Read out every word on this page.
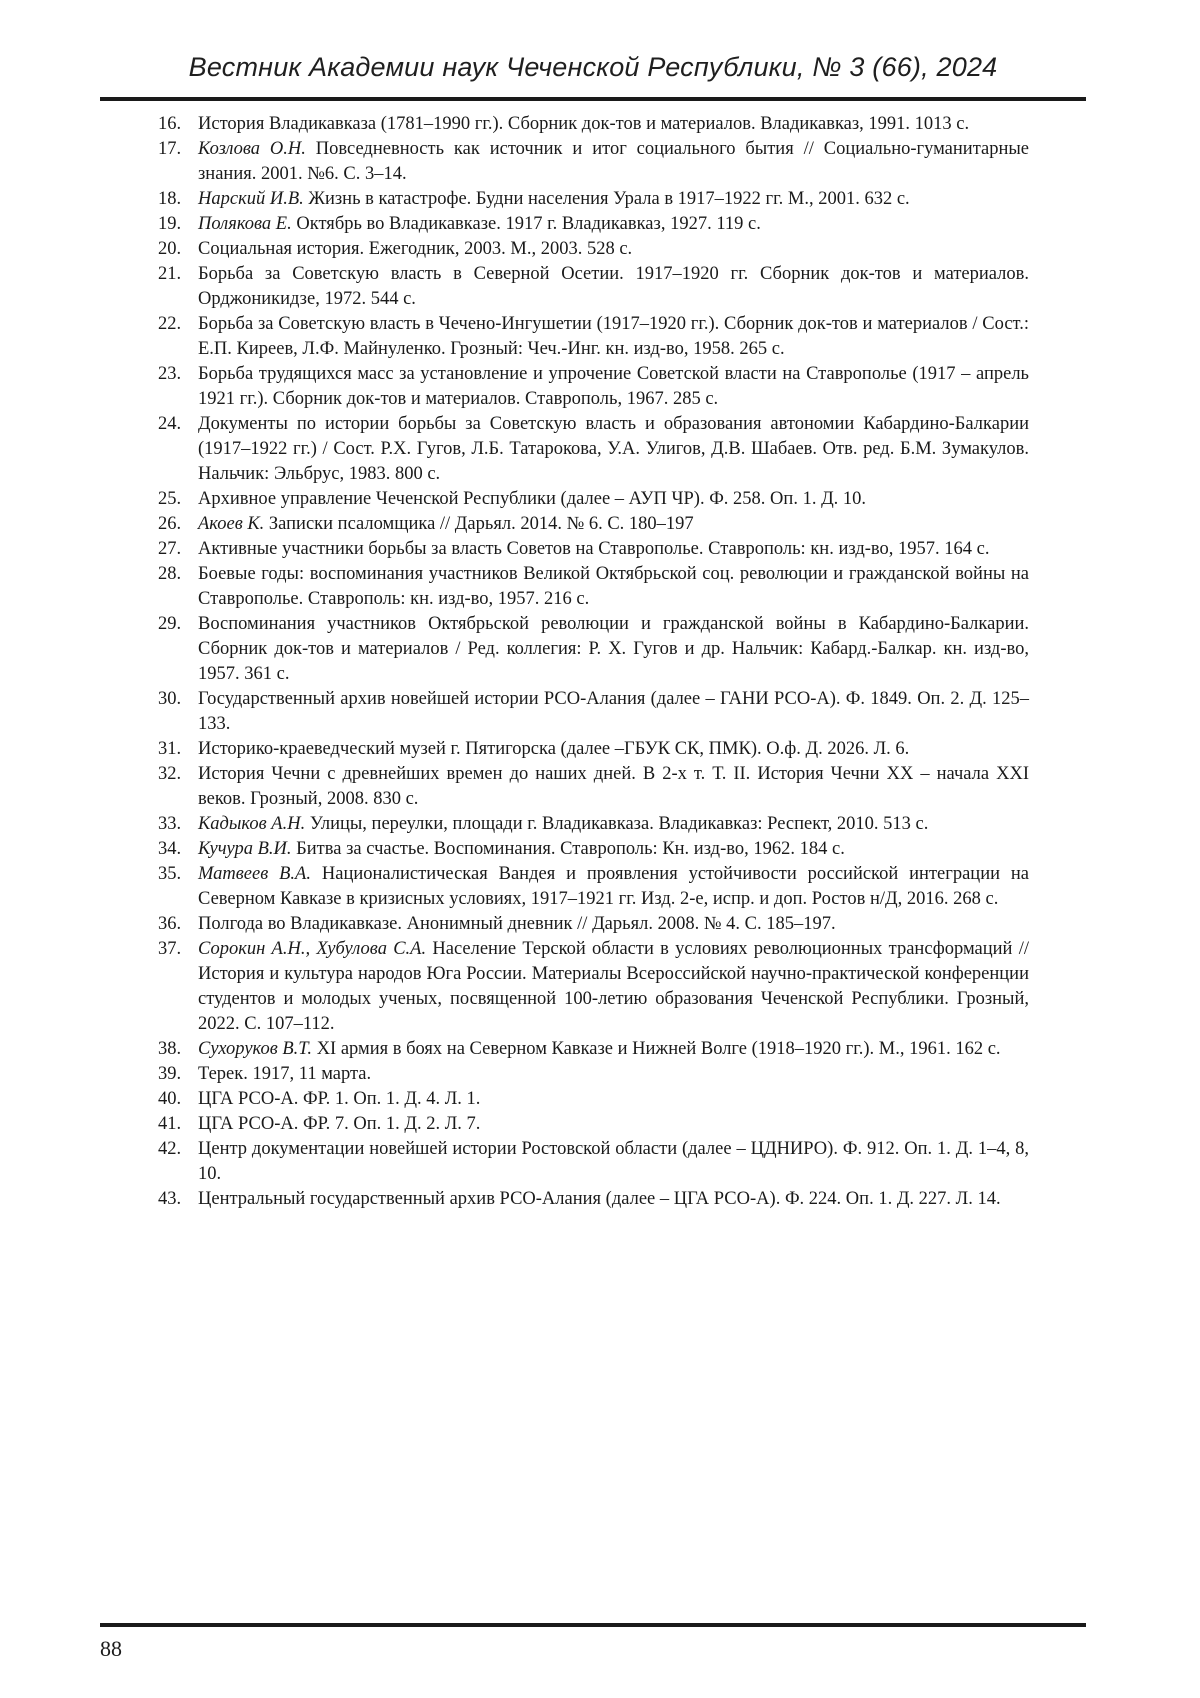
Вестник Академии наук Чеченской Республики, № 3 (66), 2024
16. История Владикавказа (1781–1990 гг.). Сборник док-тов и материалов. Владикавказ, 1991. 1013 с.
17. Козлова О.Н. Повседневность как источник и итог социального бытия // Социально-гуманитарные знания. 2001. №6. С. 3–14.
18. Нарский И.В. Жизнь в катастрофе. Будни населения Урала в 1917–1922 гг. М., 2001. 632 с.
19. Полякова Е. Октябрь во Владикавказе. 1917 г. Владикавказ, 1927. 119 с.
20. Социальная история. Ежегодник, 2003. М., 2003. 528 с.
21. Борьба за Советскую власть в Северной Осетии. 1917–1920 гг. Сборник док-тов и материалов. Орджоникидзе, 1972. 544 с.
22. Борьба за Советскую власть в Чечено-Ингушетии (1917–1920 гг.). Сборник док-тов и материалов / Сост.: Е.П. Киреев, Л.Ф. Майнуленко. Грозный: Чеч.-Инг. кн. изд-во, 1958. 265 с.
23. Борьба трудящихся масс за установление и упрочение Советской власти на Ставрополье (1917 – апрель 1921 гг.). Сборник док-тов и материалов. Ставрополь, 1967. 285 с.
24. Документы по истории борьбы за Советскую власть и образования автономии Кабардино-Балкарии (1917–1922 гг.) / Сост. Р.Х. Гугов, Л.Б. Татарокова, У.А. Улигов, Д.В. Шабаев. Отв. ред. Б.М. Зумакулов. Нальчик: Эльбрус, 1983. 800 с.
25. Архивное управление Чеченской Республики (далее – АУП ЧР). Ф. 258. Оп. 1. Д. 10.
26. Акоев К. Записки псаломщика // Дарьял. 2014. № 6. С. 180–197
27. Активные участники борьбы за власть Советов на Ставрополье. Ставрополь: кн. изд-во, 1957. 164 с.
28. Боевые годы: воспоминания участников Великой Октябрьской соц. революции и гражданской войны на Ставрополье. Ставрополь: кн. изд-во, 1957. 216 с.
29. Воспоминания участников Октябрьской революции и гражданской войны в Кабардино-Балкарии. Сборник док-тов и материалов / Ред. коллегия: Р. Х. Гугов и др. Нальчик: Кабард.-Балкар. кн. изд-во, 1957. 361 с.
30. Государственный архив новейшей истории РСО-Алания (далее – ГАНИ РСО-А). Ф. 1849. Оп. 2. Д. 125–133.
31. Историко-краеведческий музей г. Пятигорска (далее –ГБУК СК, ПМК). О.ф. Д. 2026. Л. 6.
32. История Чечни с древнейших времен до наших дней. В 2-х т. Т. II. История Чечни XX – начала XXI веков. Грозный, 2008. 830 с.
33. Кадыков А.Н. Улицы, переулки, площади г. Владикавказа. Владикавказ: Респект, 2010. 513 с.
34. Кучура В.И. Битва за счастье. Воспоминания. Ставрополь: Кн. изд-во, 1962. 184 с.
35. Матвеев В.А. Националистическая Вандея и проявления устойчивости российской интеграции на Северном Кавказе в кризисных условиях, 1917–1921 гг. Изд. 2-е, испр. и доп. Ростов н/Д, 2016. 268 с.
36. Полгода во Владикавказе. Анонимный дневник // Дарьял. 2008. № 4. С. 185–197.
37. Сорокин А.Н., Хубулова С.А. Население Терской области в условиях революционных трансформаций // История и культура народов Юга России. Материалы Всероссийской научно-практической конференции студентов и молодых ученых, посвященной 100-летию образования Чеченской Республики. Грозный, 2022. С. 107–112.
38. Сухоруков В.Т. XI армия в боях на Северном Кавказе и Нижней Волге (1918–1920 гг.). М., 1961. 162 с.
39. Терек. 1917, 11 марта.
40. ЦГА РСО-А. ФР. 1. Оп. 1. Д. 4. Л. 1.
41. ЦГА РСО-А. ФР. 7. Оп. 1. Д. 2. Л. 7.
42. Центр документации новейшей истории Ростовской области (далее – ЦДНИРО). Ф. 912. Оп. 1. Д. 1–4, 8, 10.
43. Центральный государственный архив РСО-Алания (далее – ЦГА РСО-А). Ф. 224. Оп. 1. Д. 227. Л. 14.
88
